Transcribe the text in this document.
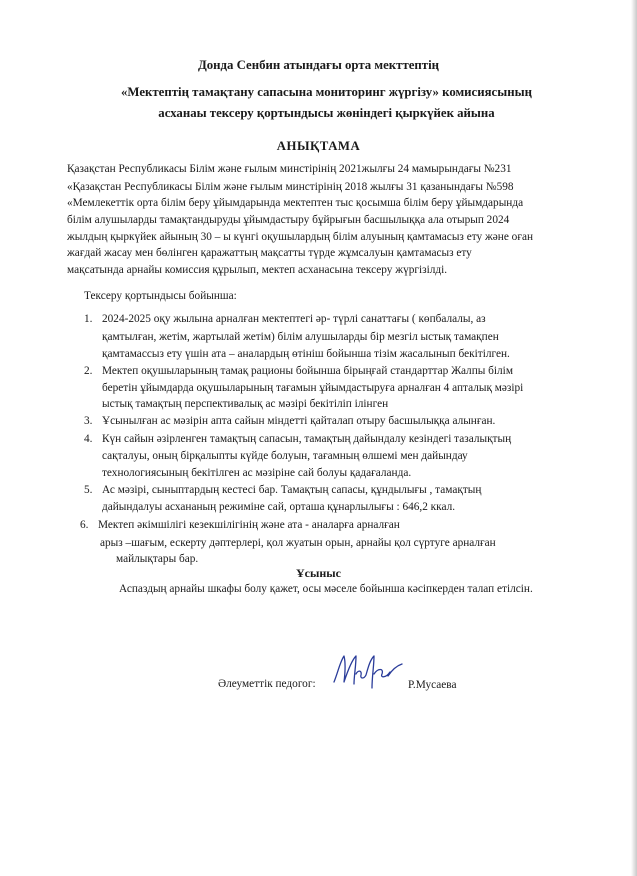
Донда Сенбин атындағы орта мекттептің
«Мектептің тамақтану сапасына мониторинг жүргізу» комисиясының
асханаы тексеру қортындысы жөніндегі қыркүйек айына
АНЫҚТАМА
Қазақстан Республикасы Білім және ғылым минстірінің 2021жылғы 24 мамырындағы №231
«Қазақстан Республикасы Білім және ғылым минстірінің 2018 жылғы 31 қазанындағы №598
«Мемлекеттік орта білім беру ұйымдарында мектептен тыс қосымша білім беру ұйымдарында
білім алушыларды тамақтандыруды ұйымдастыру бұйрығын басшылыққа ала отырып 2024
жылдың қыркүйек айының 30 – ы күнгі оқушылардың білім алуының қамтамасыз ету және оған
жағдай жасау мен бөлінген қаражаттың мақсатты түрде жұмсалуын қамтамасыз ету
мақсатында арнайы комиссия құрылып, мектеп асханасына тексеру жүргізілді.
Тексеру қортындысы бойынша:
1. 2024-2025 оқу жылына арналған мектептегі әр- түрлі санаттағы ( көпбалалы, аз
қамтылған, жетім, жартылай жетім) білім алушыларды бір мезгіл ыстық тамақпен
қамтамассыз ету үшін ата – аналардың өтініш бойынша тізім жасалынып бекітілген.
2. Мектеп оқушыларының тамақ рационы бойынша бірыңғай стандарттар Жалпы білім
беретін ұйымдарда оқушыларының тағамын ұйымдастыруға арналған 4 апталық мәзірі
ыстық тамақтың перспективалық ас мәзірі бекітіліп ілінген
3. Ұсынылған ас мәзірін апта сайын міндетті қайталап отыру басшылыққа алынған.
4. Күн сайын әзірленген тамақтың сапасын, тамақтың дайындалу кезіндегі тазалықтың
сақталуы, оның бірқалыпты күйде болуын, тағамның өлшемі мен дайындау
технологиясының бекітілген ас мәзіріне сай болуы қадағаланда.
5. Ас мәзірі, сыныптардың кестесі бар. Тамақтың сапасы, құндылығы , тамақтың
дайындалуы асхананың режиміне сай, орташа құнарлылығы : 646,2 ккал.
6. Мектеп әкімшілігі кезекшілігінің және ата - аналарға арналған
арыз –шағым, ескерту дәптерлері, қол жуатын орын, арнайы қол сүртуге арналған
майлықтары бар.
Ұсыныс
Аспаздың арнайы шкафы болу қажет, осы мәселе бойынша кәсіпкерден талап етілсін.
Әлеуметтік педогог:	Р.Мусаева
